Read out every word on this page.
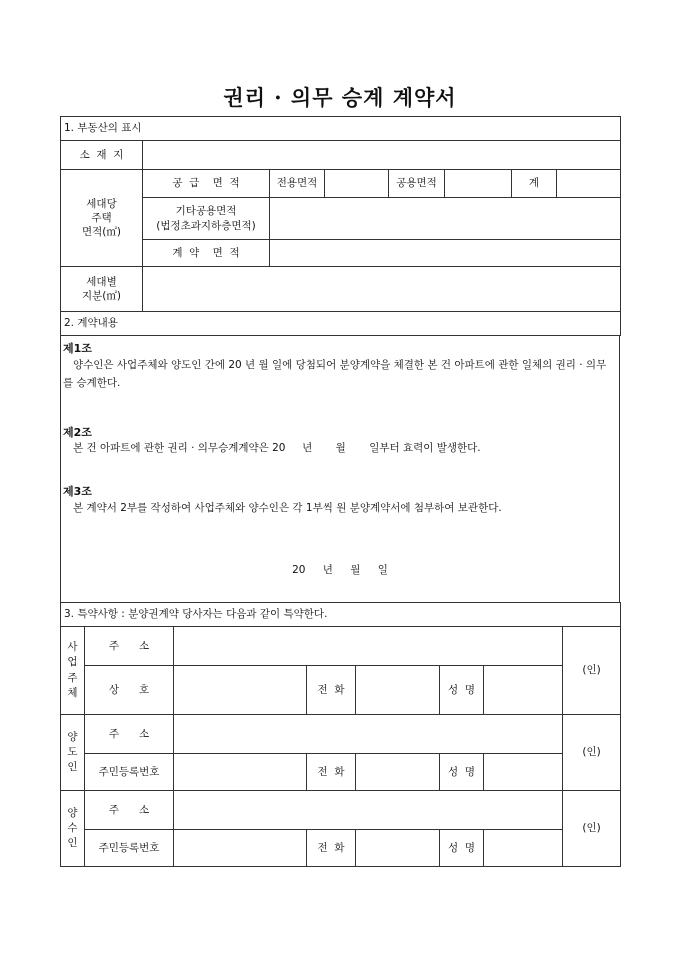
권리 · 의무 승계 계약서
1. 부동산의 표시							
소  재  지							

세대당
주택
면적(㎡)	공  급    면  적	전용면적		공용면적		계	

	기타공용면적
(법정초과지하층면적)						

	계  약    면  적						

세대별
지분(㎡)							

2. 계약내용							
제1조
양수인은 사업주체와 양도인 간에 20 년 월 일에 당첨되어 분양계약을 체결한 본 건 아파트에 관한 일체의 권리 · 의무를 승계한다.
제2조
본 건 아파트에 관한 권리 · 의무승계계약은 20     년       월       일부터 효력이 발생한다.
제3조
본 계약서 2부를 작성하여 사업주체와 양수인은 각 1부씩 원 분양계약서에 첨부하여 보관한다.
20 년 월 일
3. 특약사항 : 분양권계약 당사자는 다음과 같이 특약한다.							

사
업
주
체	주      소						(인)
	상      호		전  화		성  명		

양
도
인	주      소						(인)
	주민등록번호		전  화		성  명		

양
수
인	주      소						(인)
	주민등록번호		전  화		성  명		
